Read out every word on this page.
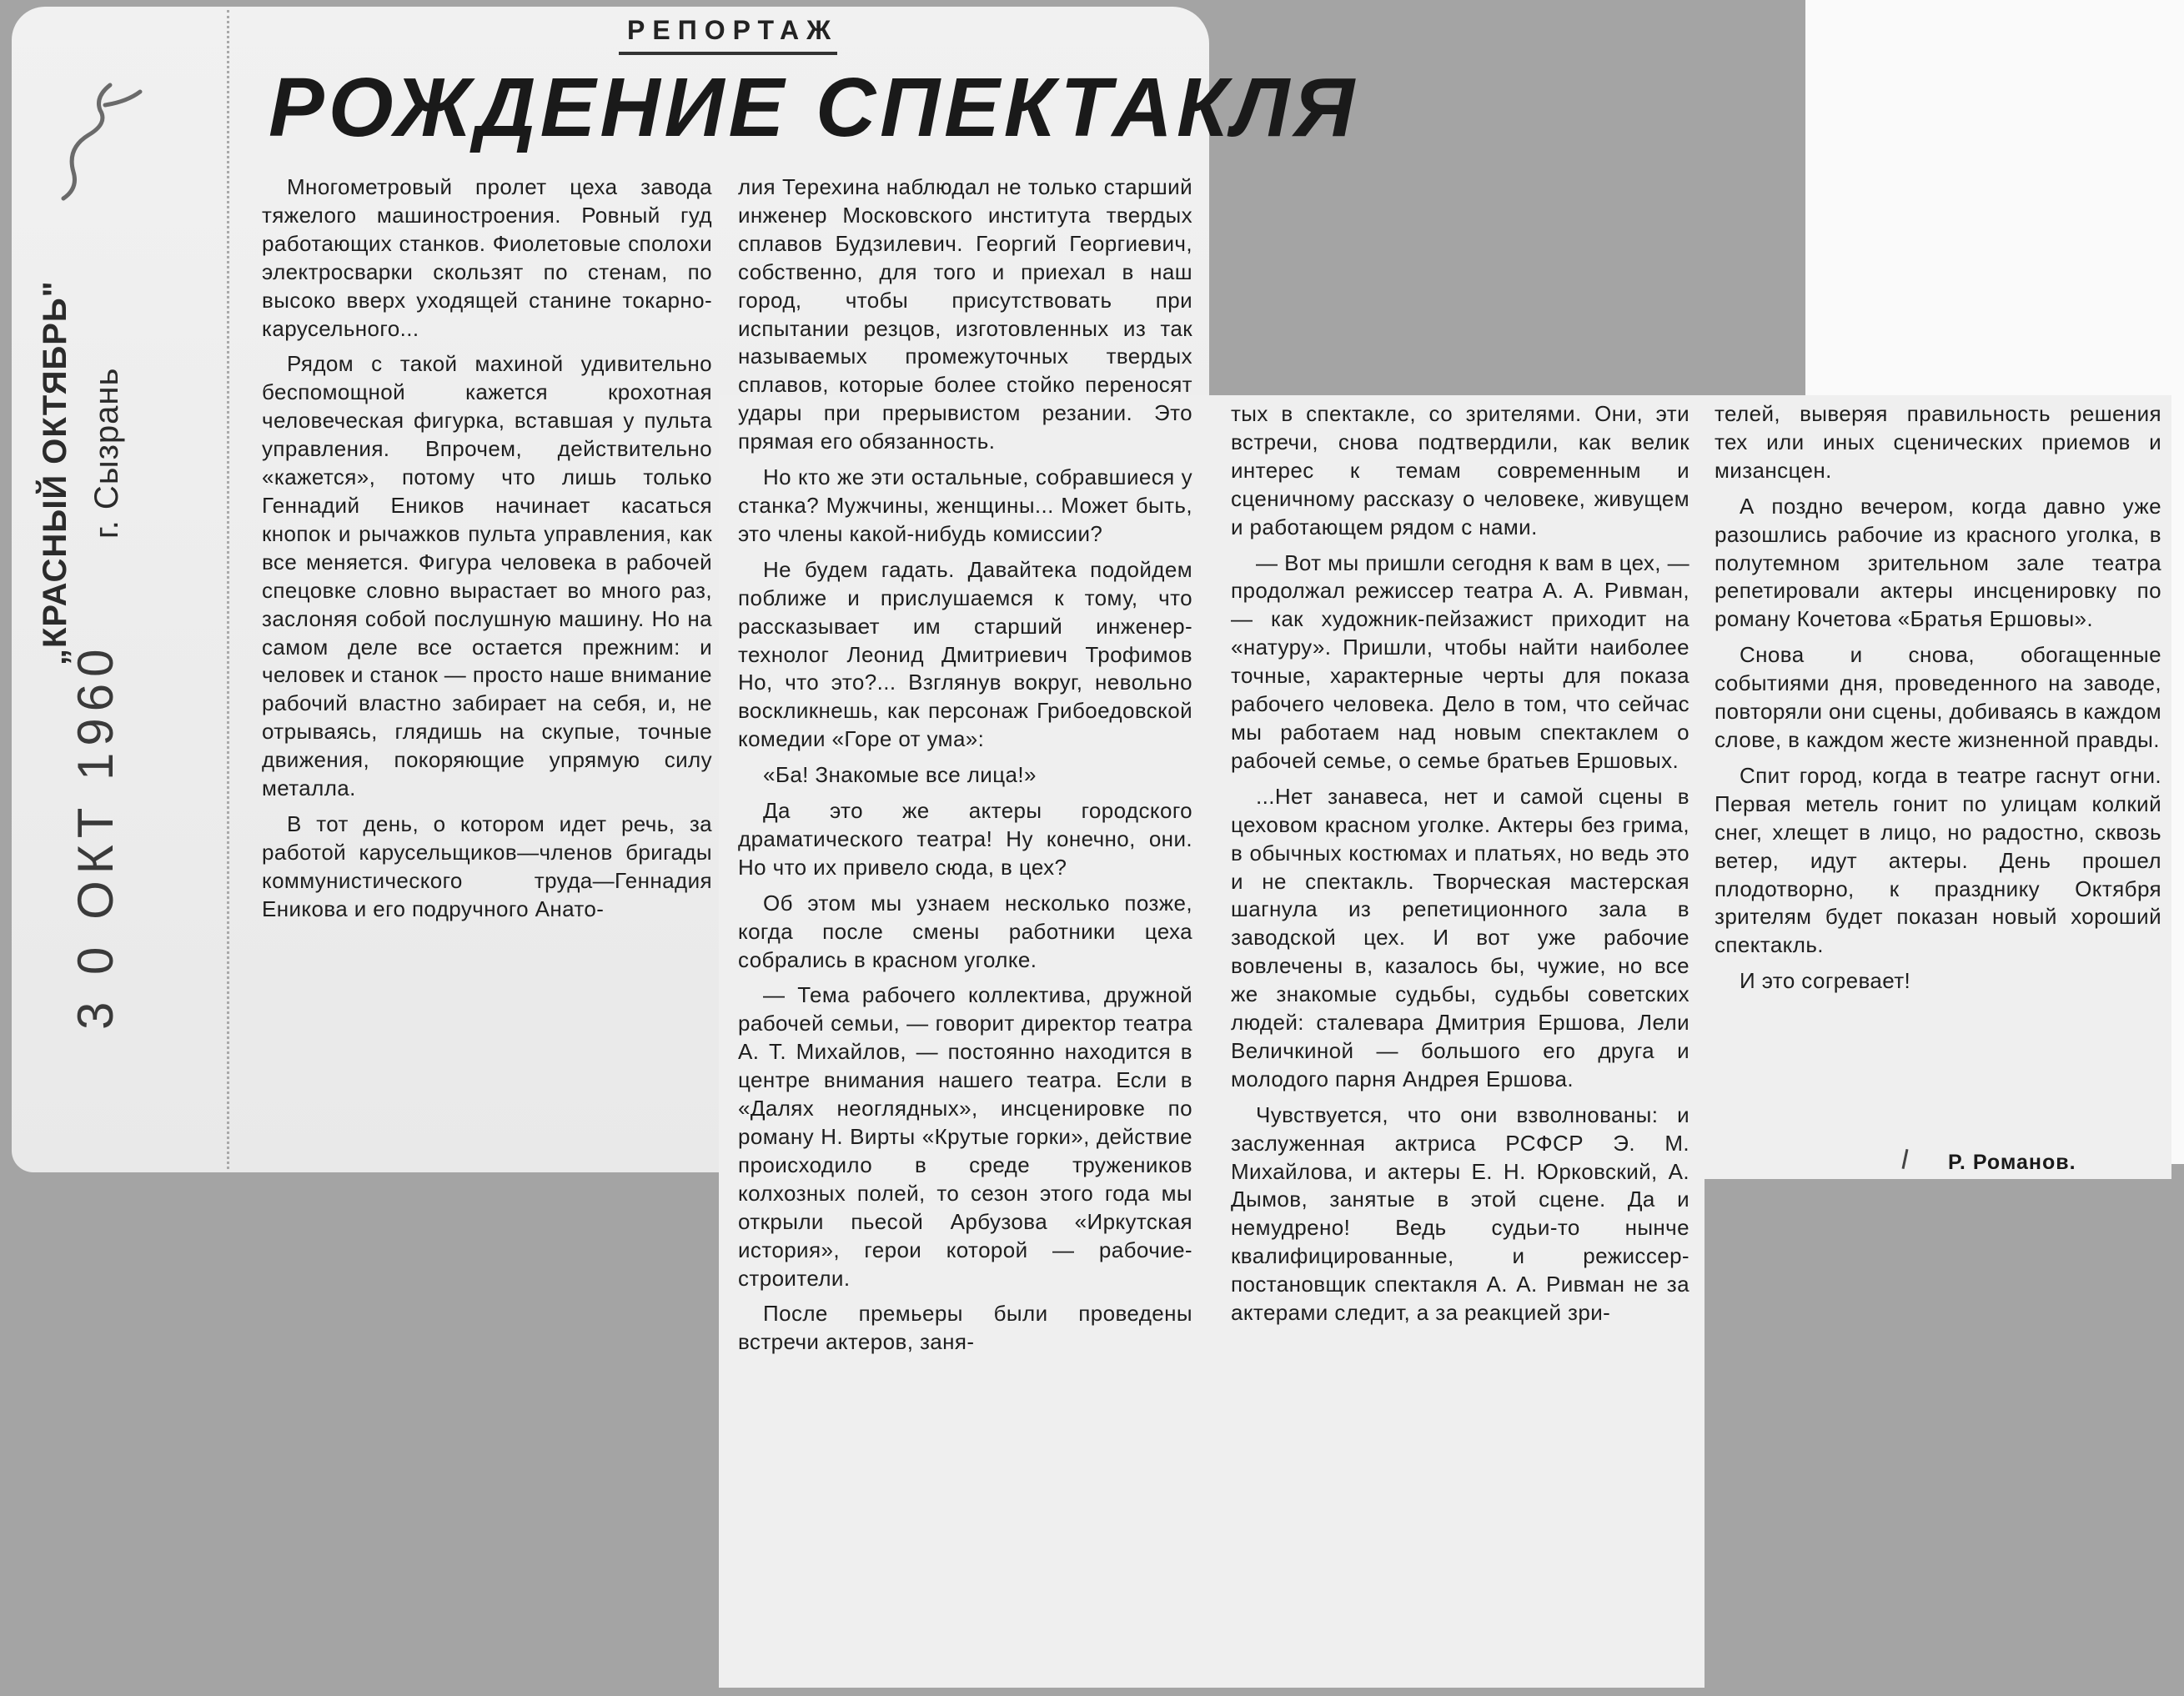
„КРАСНЫЙ ОКТЯБРЬ" г. Сызрань
3 0 ОКТ 1960
РЕПОРТАЖ
РОЖДЕНИЕ СПЕКТАКЛЯ

Многометровый пролет цеха завода тяжелого машиностроения. Ровный гуд работающих станков. Фиолетовые сполохи электросварки скользят по стенам, по высоко вверх уходящей станине токарно-карусельного...

Рядом с такой махиной удивительно беспомощной кажется крохотная человеческая фигурка, вставшая у пульта управления. Впрочем, действительно «кажется», потому что лишь только Геннадий Еников начинает касаться кнопок и рычажков пульта управления, как все меняется. Фигура человека в рабочей спецовке словно вырастает во много раз, заслоняя собой послушную машину. Но на самом деле все остается прежним: и человек и станок — просто наше внимание рабочий властно забирает на себя, и, не отрываясь, глядишь на скупые, точные движения, покоряющие упрямую силу металла.

В тот день, о котором идет речь, за работой карусельщиков—членов бригады коммунистического труда—Геннадия Еникова и его подручного Анато-

лия Терехина наблюдал не только старший инженер Московского института твердых сплавов Будзилевич. Георгий Георгиевич, собственно, для того и приехал в наш город, чтобы присутствовать при испытании резцов, изготовленных из так называемых промежуточных твердых сплавов, которые более стойко переносят удары при прерывистом резании. Это прямая его обязанность.

Но кто же эти остальные, собравшиеся у станка? Мужчины, женщины... Может быть, это члены какой-нибудь комиссии?

Не будем гадать. Давайтека подойдем поближе и прислушаемся к тому, что рассказывает им старший инженер-технолог Леонид Дмитриевич Трофимов Но, что это?... Взглянув вокруг, невольно воскликнешь, как персонаж Грибоедовской комедии «Горе от ума»:

«Ба! Знакомые все лица!»

Да это же актеры городского драматического театра! Ну конечно, они. Но что их привело сюда, в цех?

Об этом мы узнаем несколько позже, когда после смены работники цеха собрались в красном уголке.

— Тема рабочего коллектива, дружной рабочей семьи, — говорит директор театра А. Т. Михайлов, — постоянно находится в центре внимания нашего театра. Если в «Далях неоглядных», инсценировке по роману Н. Вирты «Крутые горки», действие происходило в среде тружеников колхозных полей, то сезон этого года мы открыли пьесой Арбузова «Иркутская история», герои которой — рабочие-строители.

После премьеры были проведены встречи актеров, заня-

тых в спектакле, со зрителями. Они, эти встречи, снова подтвердили, как велик интерес к темам современным и сценичному рассказу о человеке, живущем и работающем рядом с нами.

— Вот мы пришли сегодня к вам в цех, — продолжал режиссер театра А. А. Ривман,— как художник-пейзажист приходит на «натуру». Пришли, чтобы найти наиболее точные, характерные черты для показа рабочего человека. Дело в том, что сейчас мы работаем над новым спектаклем о рабочей семье, о семье братьев Ершовых.

...Нет занавеса, нет и самой сцены в цеховом красном уголке. Актеры без грима, в обычных костюмах и платьях, но ведь это и не спектакль. Творческая мастерская шагнула из репетиционного зала в заводской цех. И вот уже рабочие вовлечены в, казалось бы, чужие, но все же знакомые судьбы, судьбы советских людей: сталевара Дмитрия Ершова, Лели Величкиной — большого его друга и молодого парня Андрея Ершова.

Чувствуется, что они взволнованы: и заслуженная актриса РСФСР Э. М. Михайлова, и актеры Е. Н. Юрковский, А. Дымов, занятые в этой сцене. Да и немудрено! Ведь судьи-то нынче квалифицированные, и режиссер-постановщик спектакля А. А. Ривман не за актерами следит, а за реакцией зри-

телей, выверяя правильность решения тех или иных сценических приемов и мизансцен.

А поздно вечером, когда давно уже разошлись рабочие из красного уголка, в полутемном зрительном зале театра репетировали актеры инсценировку по роману Кочетова «Братья Ершовы».

Снова и снова, обогащенные событиями дня, проведенного на заводе, повторяли они сцены, добиваясь в каждом слове, в каждом жесте жизненной правды.

Спит город, когда в театре гаснут огни. Первая метель гонит по улицам колкий снег, хлещет в лицо, но радостно, сквозь ветер, идут актеры. День прошел плодотворно, к празднику Октября зрителям будет показан новый хороший спектакль.

И это согревает!

Р. Романов.
